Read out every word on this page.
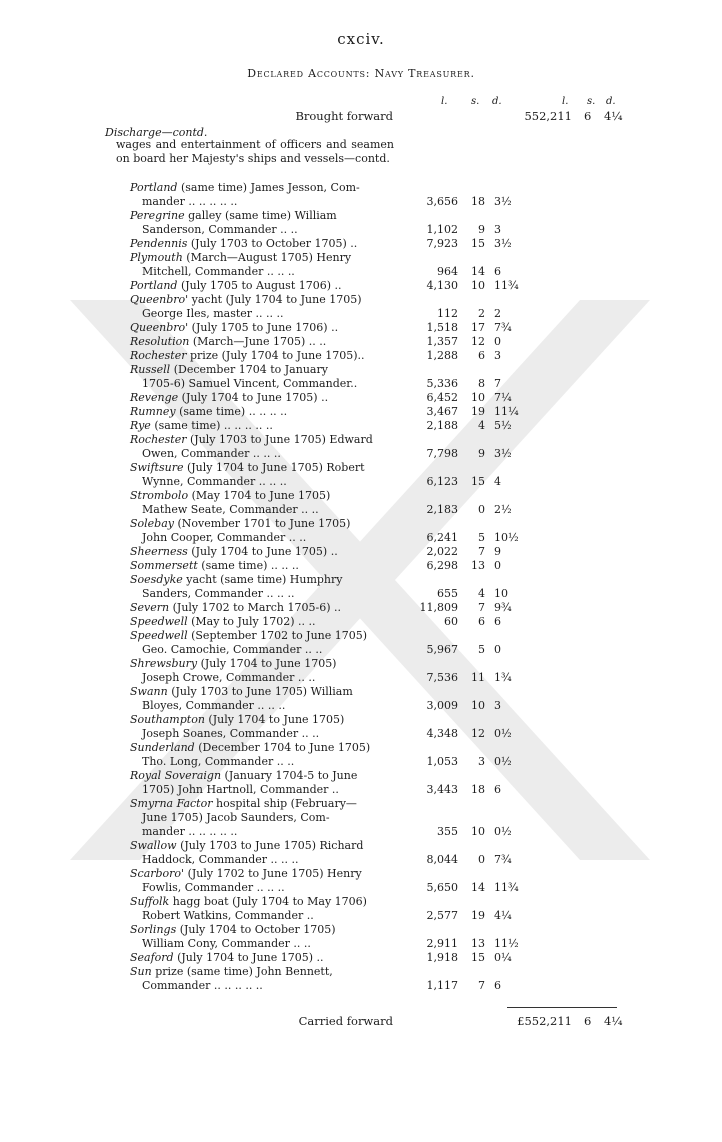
cxciv.
Declared Accounts: Navy Treasurer.
l. s. d.	l. s. d.
Brought forward	552,211 6 4¼
Discharge—contd.
wages and entertainment of officers and seamen on board her Majesty's ships and vessels—contd.
Portland (same time) James Jesson, Com-
mander .. .. .. .. ..	3,656	18 3½
Peregrine galley (same time) William
Sanderson, Commander .. ..	1,102	9 3
Pendennis (July 1703 to October 1705) ..	7,923	15 3½
Plymouth (March—August 1705) Henry
Mitchell, Commander .. .. ..	964	14 6
Portland (July 1705 to August 1706) ..	4,130	10 11¾
Queenbro' yacht (July 1704 to June 1705)
George Iles, master .. .. ..	112	2 2
Queenbro' (July 1705 to June 1706) ..	1,518	17 7¾
Resolution (March—June 1705) .. ..	1,357	12 0
Rochester prize (July 1704 to June 1705)..	1,288	6 3
Russell (December 1704 to January
1705-6) Samuel Vincent, Commander..	5,336	8 7
Revenge (July 1704 to June 1705) ..	6,452	10 7¼
Rumney (same time) .. .. .. ..	3,467	19 11¼
Rye (same time) .. .. .. .. ..	2,188	4 5½
Rochester (July 1703 to June 1705) Edward
Owen, Commander .. .. ..	7,798	9 3½
Swiftsure (July 1704 to June 1705) Robert
Wynne, Commander .. .. ..	6,123	15 4
Strombolo (May 1704 to June 1705)
Mathew Seate, Commander .. ..	2,183	0 2½
Solebay (November 1701 to June 1705)
John Cooper, Commander .. ..	6,241	5 10½
Sheerness (July 1704 to June 1705) ..	2,022	7 9
Sommersett (same time) .. .. ..	6,298	13 0
Soesdyke yacht (same time) Humphry
Sanders, Commander .. .. ..	655	4 10
Severn (July 1702 to March 1705-6) ..	11,809	7 9¾
Speedwell (May to July 1702) .. ..	60	6 6
Speedwell (September 1702 to June 1705)
Geo. Camochie, Commander .. ..	5,967	5 0
Shrewsbury (July 1704 to June 1705)
Joseph Crowe, Commander .. ..	7,536	11 1¾
Swann (July 1703 to June 1705) William
Bloyes, Commander .. .. ..	3,009	10 3
Southampton (July 1704 to June 1705)
Joseph Soanes, Commander .. ..	4,348	12 0½
Sunderland (December 1704 to June 1705)
Tho. Long, Commander .. ..	1,053	3 0½
Royal Soveraign (January 1704-5 to June
1705) John Hartnoll, Commander ..	3,443	18 6
Smyrna Factor hospital ship (February—
June 1705) Jacob Saunders, Com-
mander .. .. .. .. ..	355	10 0½
Swallow (July 1703 to June 1705) Richard
Haddock, Commander .. .. ..	8,044	0 7¾
Scarboro' (July 1702 to June 1705) Henry
Fowlis, Commander .. .. ..	5,650	14 11¾
Suffolk hagg boat (July 1704 to May 1706)
Robert Watkins, Commander ..	2,577	19 4¼
Sorlings (July 1704 to October 1705)
William Cony, Commander .. ..	2,911	13 11½
Seaford (July 1704 to June 1705) ..	1,918	15 0¼
Sun prize (same time) John Bennett,
Commander .. .. .. .. ..	1,117	7 6
Carried forward	£552,211 6 4¼
